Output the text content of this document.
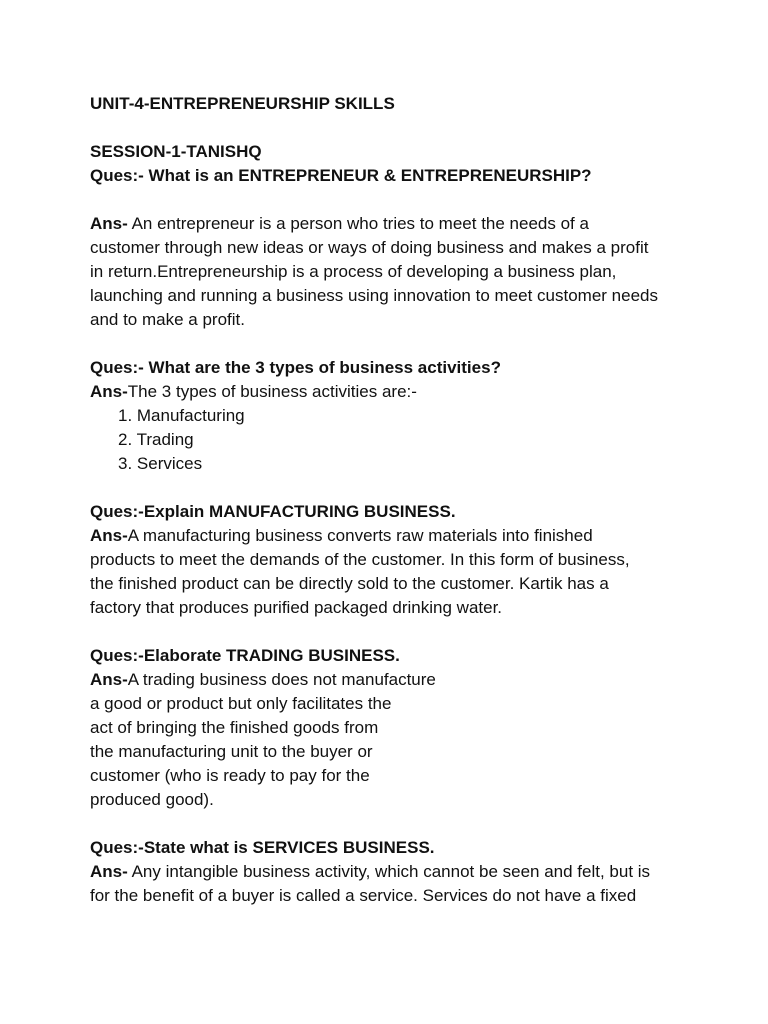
UNIT-4-ENTREPRENEURSHIP SKILLS
SESSION-1-TANISHQ
Ques:- What is an ENTREPRENEUR & ENTREPRENEURSHIP?
Ans- An entrepreneur is a person who tries to meet the needs of a
customer through new ideas or ways of doing business and makes a profit
in return.Entrepreneurship is a process of developing a business plan,
launching and running a business using innovation to meet customer needs
and to make a profit.
Ques:- What are the 3 types of business activities?
Ans-The 3 types of business activities are:-
1. Manufacturing
2. Trading
3. Services
Ques:-Explain MANUFACTURING BUSINESS.
Ans-A manufacturing business converts raw materials into finished
products to meet the demands of the customer. In this form of business,
the finished product can be directly sold to the customer. Kartik has a
factory that produces purified packaged drinking water.
Ques:-Elaborate TRADING BUSINESS.
Ans-A trading business does not manufacture
a good or product but only facilitates the
act of bringing the finished goods from
the manufacturing unit to the buyer or
customer (who is ready to pay for the
produced good).
Ques:-State what is SERVICES BUSINESS.
Ans- Any intangible business activity, which cannot be seen and felt, but is
for the benefit of a buyer is called a service. Services do not have a fixed
